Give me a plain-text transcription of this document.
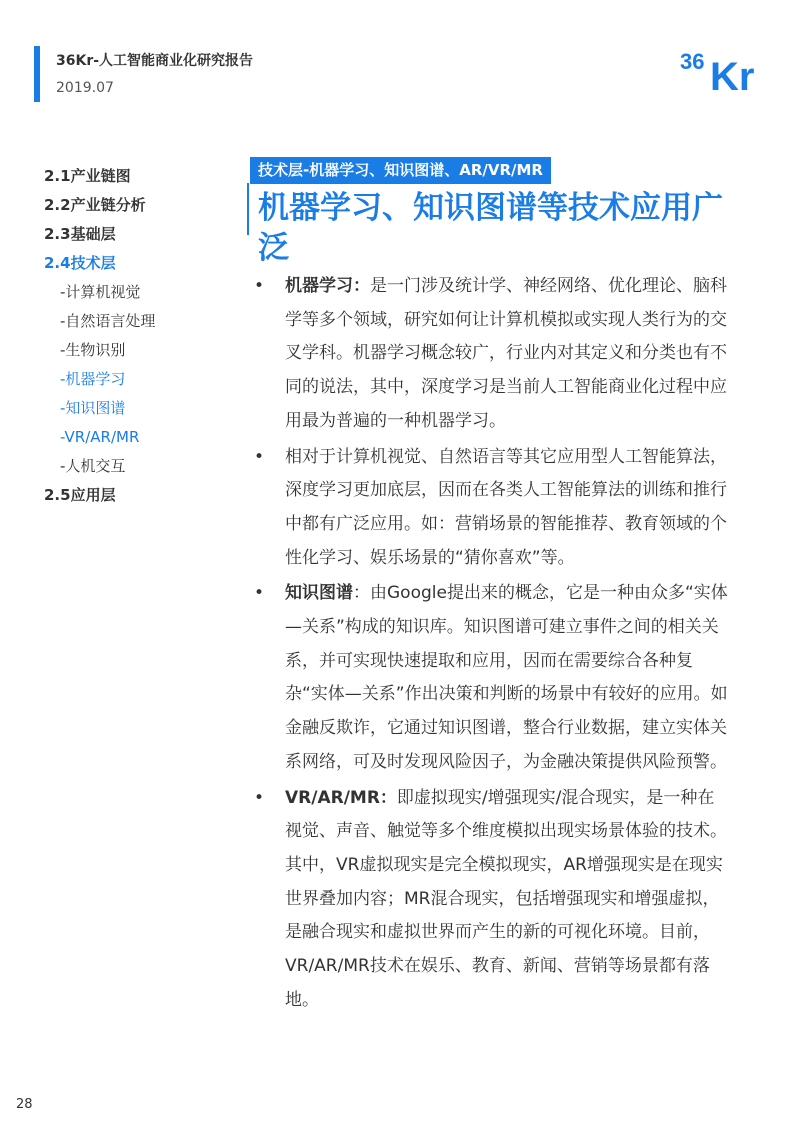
36Kr-人工智能商业化研究报告
2019.07
36 Kr
2.1产业链图
2.2产业链分析
2.3基础层
2.4技术层
-计算机视觉
-自然语言处理
-生物识别
-机器学习
-知识图谱
-VR/AR/MR
-人机交互
2.5应用层
技术层-机器学习、知识图谱、AR/VR/MR
机器学习、知识图谱等技术应用广泛
• 机器学习：是一门涉及统计学、神经网络、优化理论、脑科学等多个领域，研究如何让计算机模拟或实现人类行为的交叉学科。机器学习概念较广，行业内对其定义和分类也有不同的说法，其中，深度学习是当前人工智能商业化过程中应用最为普遍的一种机器学习。
• 相对于计算机视觉、自然语言等其它应用型人工智能算法，深度学习更加底层，因而在各类人工智能算法的训练和推行中都有广泛应用。如：营销场景的智能推荐、教育领域的个性化学习、娱乐场景的“猜你喜欢”等。
• 知识图谱：由Google提出来的概念，它是一种由众多“实体—关系”构成的知识库。知识图谱可建立事件之间的相关关系，并可实现快速提取和应用，因而在需要综合各种复杂“实体—关系”作出决策和判断的场景中有较好的应用。如金融反欺诈，它通过知识图谱，整合行业数据，建立实体关系网络，可及时发现风险因子，为金融决策提供风险预警。
• VR/AR/MR：即虚拟现实/增强现实/混合现实，是一种在视觉、声音、触觉等多个维度模拟出现实场景体验的技术。其中，VR虚拟现实是完全模拟现实，AR增强现实是在现实世界叠加内容；MR混合现实，包括增强现实和增强虚拟，是融合现实和虚拟世界而产生的新的可视化环境。目前，VR/AR/MR技术在娱乐、教育、新闻、营销等场景都有落地。
28
